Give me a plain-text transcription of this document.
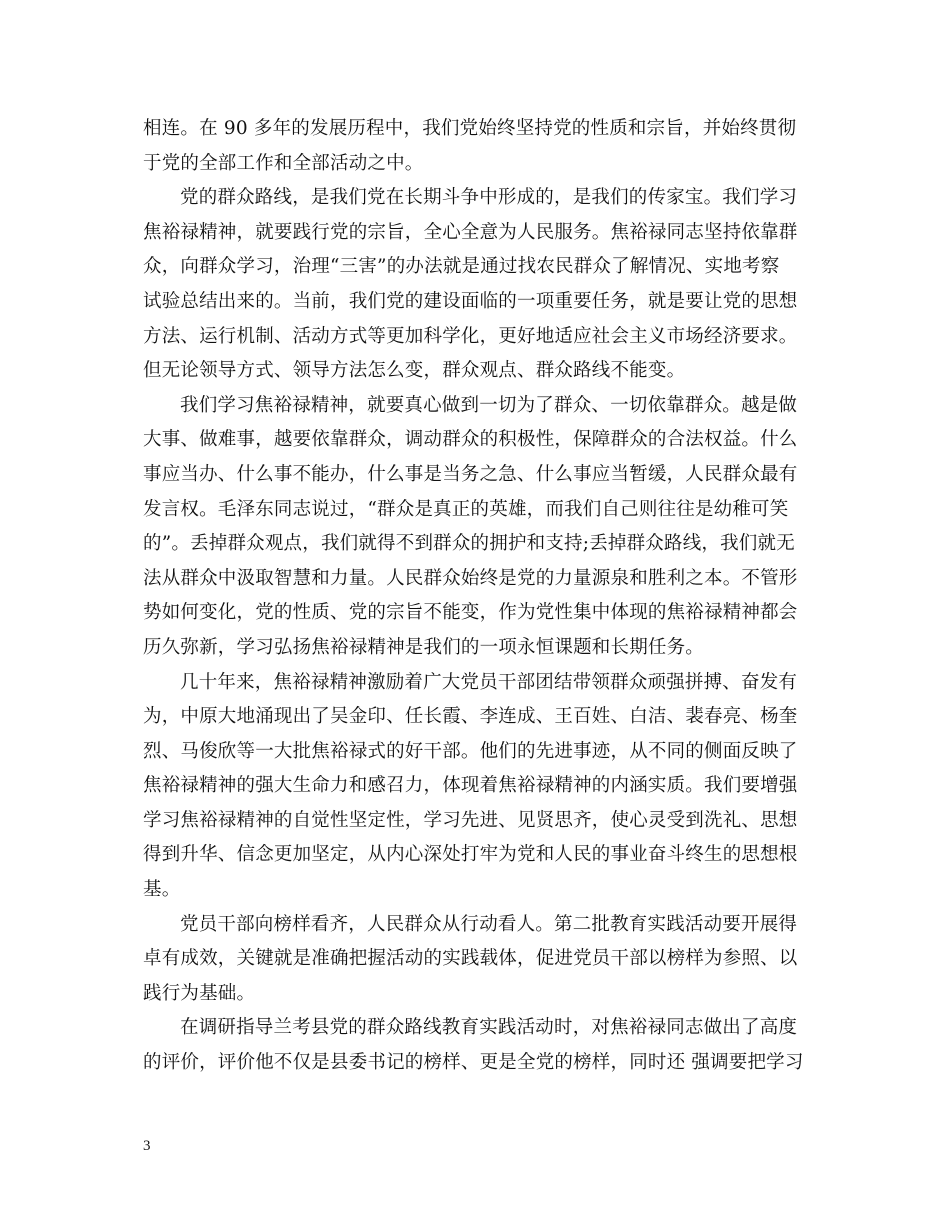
相连。在 90 多年的发展历程中，我们党始终坚持党的性质和宗旨，并始终贯彻
于党的全部工作和全部活动之中。
党的群众路线，是我们党在长期斗争中形成的，是我们的传家宝。我们学习
焦裕禄精神，就要践行党的宗旨，全心全意为人民服务。焦裕禄同志坚持依靠群
众，向群众学习，治理“三害”的办法就是通过找农民群众了解情况、实地考察
试验总结出来的。当前，我们党的建设面临的一项重要任务，就是要让党的思想
方法、运行机制、活动方式等更加科学化，更好地适应社会主义市场经济要求。
但无论领导方式、领导方法怎么变，群众观点、群众路线不能变。
我们学习焦裕禄精神，就要真心做到一切为了群众、一切依靠群众。越是做
大事、做难事，越要依靠群众，调动群众的积极性，保障群众的合法权益。什么
事应当办、什么事不能办，什么事是当务之急、什么事应当暂缓，人民群众最有
发言权。毛泽东同志说过，“群众是真正的英雄，而我们自己则往往是幼稚可笑
的”。丢掉群众观点，我们就得不到群众的拥护和支持;丢掉群众路线，我们就无
法从群众中汲取智慧和力量。人民群众始终是党的力量源泉和胜利之本。不管形
势如何变化，党的性质、党的宗旨不能变，作为党性集中体现的焦裕禄精神都会
历久弥新，学习弘扬焦裕禄精神是我们的一项永恒课题和长期任务。
几十年来，焦裕禄精神激励着广大党员干部团结带领群众顽强拼搏、奋发有
为，中原大地涌现出了吴金印、任长霞、李连成、王百姓、白洁、裴春亮、杨奎
烈、马俊欣等一大批焦裕禄式的好干部。他们的先进事迹，从不同的侧面反映了
焦裕禄精神的强大生命力和感召力，体现着焦裕禄精神的内涵实质。我们要增强
学习焦裕禄精神的自觉性坚定性，学习先进、见贤思齐，使心灵受到洗礼、思想
得到升华、信念更加坚定，从内心深处打牢为党和人民的事业奋斗终生的思想根
基。
党员干部向榜样看齐，人民群众从行动看人。第二批教育实践活动要开展得
卓有成效，关键就是准确把握活动的实践载体，促进党员干部以榜样为参照、以
践行为基础。
在调研指导兰考县党的群众路线教育实践活动时，对焦裕禄同志做出了高度
的评价，评价他不仅是县委书记的榜样、更是全党的榜样，同时还 强调要把学习
3
